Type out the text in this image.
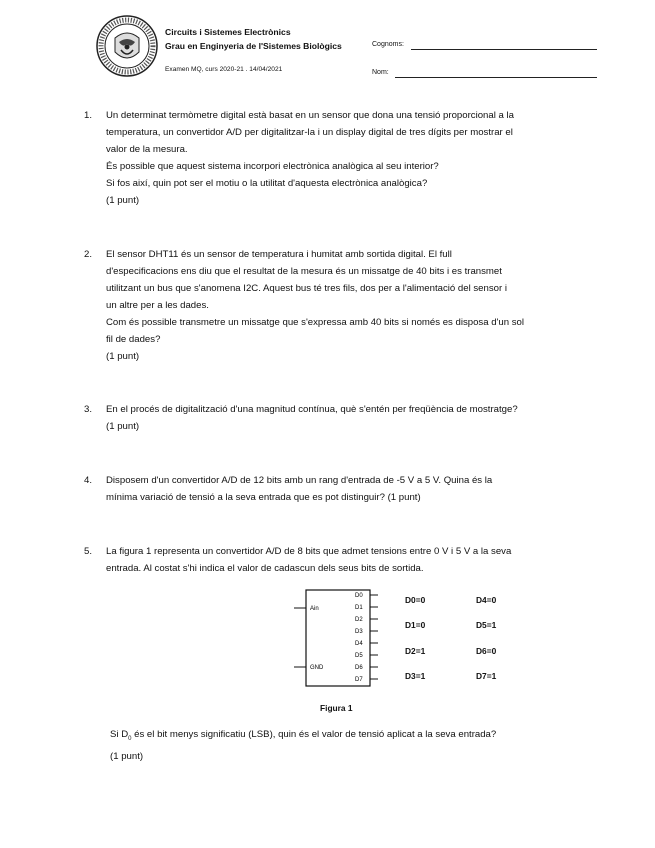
Circuits i Sistemes Electrònics
Grau en Enginyeria de l'Sistemes Biològics
Examen MQ, curs 2020-21 . 14/04/2021
Cognoms:
Nom:
1. Un determinat termòmetre digital està basat en un sensor que dona una tensió proporcional a la

temperatura, un convertidor A/D per digitalitzar-la i un display digital de tres dígits per mostrar el

valor de la mesura.

És possible que aquest sistema incorpori electrònica analògica al seu interior?

Si fos així, quin pot ser el motiu o la utilitat d'aquesta electrònica analògica?

(1 punt)

2. El sensor DHT11 és un sensor de temperatura i humitat amb sortida digital. El full

d'especificacions ens diu que el resultat de la mesura és un missatge de 40 bits i es transmet

utilitzant un bus que s'anomena I2C. Aquest bus té tres fils, dos per a l'alimentació del sensor i

un altre per a les dades.

Com és possible transmetre un missatge que s'expressa amb 40 bits si només es disposa d'un sol

fil de dades?

(1 punt)

3. En el procés de digitalització d'una magnitud contínua, què s'entén per freqüència de mostratge?

(1 punt)

4. Disposem d'un convertidor A/D de 12 bits amb un rang d'entrada de -5 V a 5 V. Quina és la

mínima variació de tensió a la seva entrada que es pot distinguir? (1 punt)

5. La figura 1 representa un convertidor A/D de 8 bits que admet tensions entre 0 V i 5 V a la seva

entrada. Al costat s'hi indica el valor de cadascun dels seus bits de sortida.

Ain
GND
D0
D1
D2
D3
D4
D5
D6
D7
D0=0	D4=0
D1=0	D5=1
D2=1	D6=0
D3=1	D7=1
Figura 1

Si $D_0$ és el bit menys significatiu (LSB), quin és el valor de tensió aplicat a la seva entrada?

(1 punt)
